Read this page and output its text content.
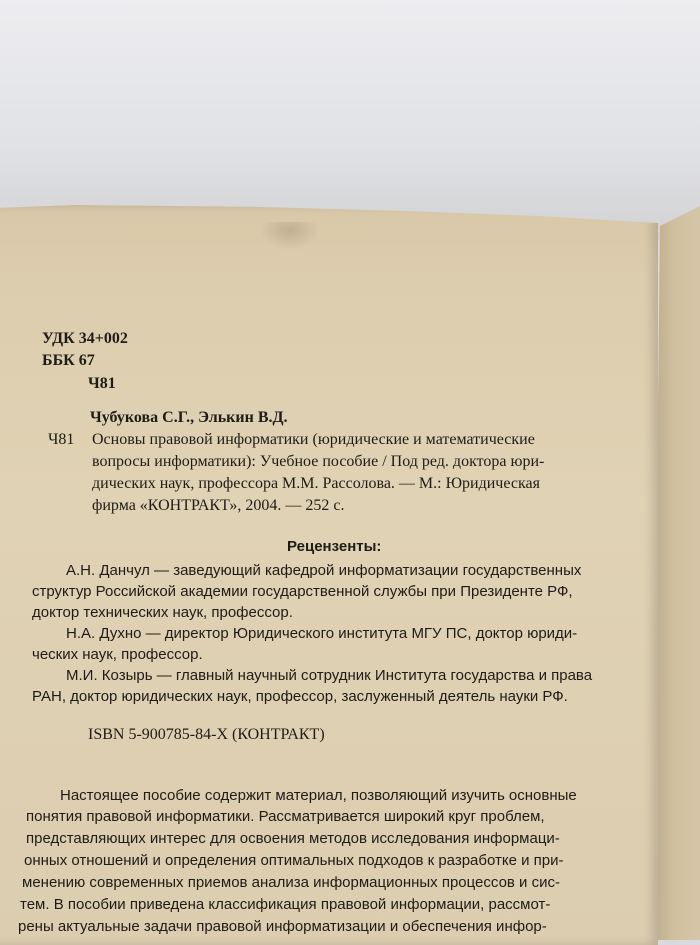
УДК 34+002
ББК 67
Ч81
Чубукова С.Г., Элькин В.Д.
Ч81 Основы правовой информатики (юридические и математические
вопросы информатики): Учебное пособие / Под ред. доктора юри-
дических наук, профессора М.М. Рассолова. — М.: Юридическая
фирма «КОНТРАКТ», 2004. — 252 с.
Рецензенты:
А.Н. Данчул — заведующий кафедрой информатизации государственных
структур Российской академии государственной службы при Президенте РФ,
доктор технических наук, профессор.
Н.А. Духно — директор Юридического института МГУ ПС, доктор юриди-
ческих наук, профессор.
М.И. Козырь — главный научный сотрудник Института государства и права
РАН, доктор юридических наук, профессор, заслуженный деятель науки РФ.
ISBN 5-900785-84-X (КОНТРАКТ)
Настоящее пособие содержит материал, позволяющий изучить основные
понятия правовой информатики. Рассматривается широкий круг проблем,
представляющих интерес для освоения методов исследования информаци-
онных отношений и определения оптимальных подходов к разработке и при-
менению современных приемов анализа информационных процессов и сис-
тем. В пособии приведена классификация правовой информации, рассмот-
рены актуальные задачи правовой информатизации и обеспечения инфор-
